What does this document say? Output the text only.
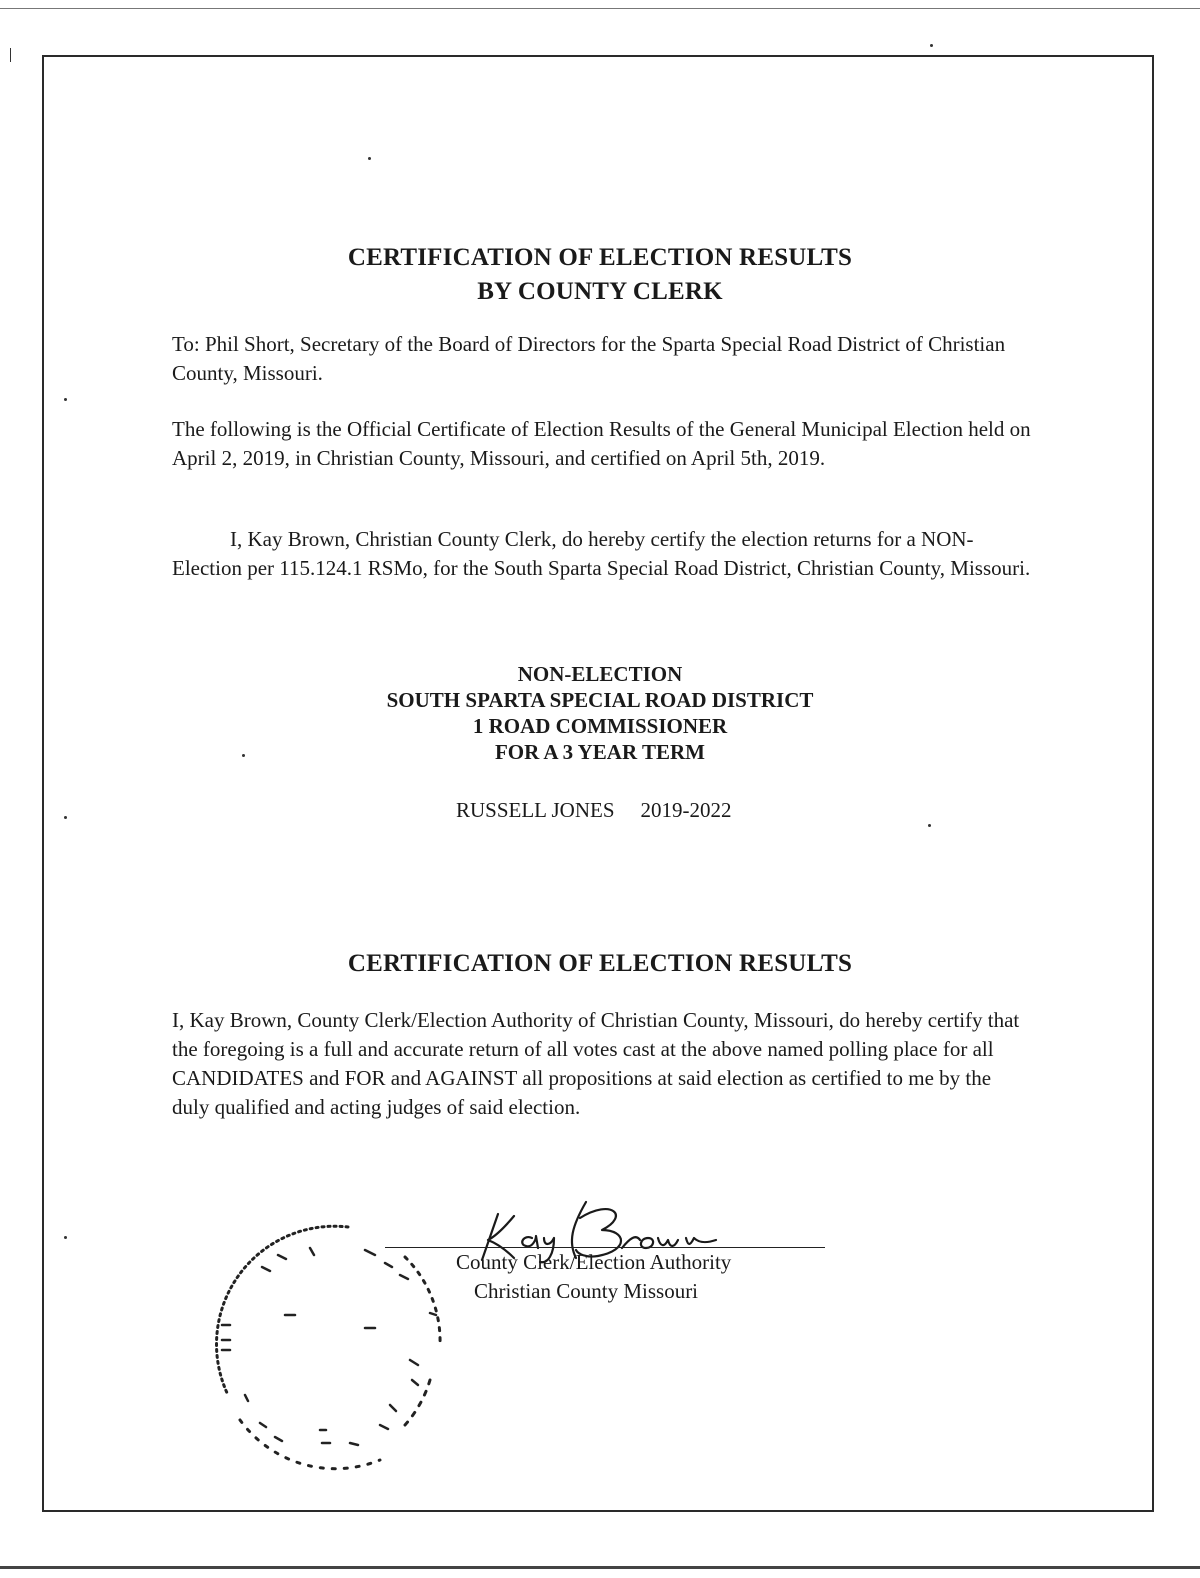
CERTIFICATION OF ELECTION RESULTS
BY COUNTY CLERK
To: Phil Short, Secretary of the Board of Directors for the Sparta Special Road District of Christian County, Missouri.
The following is the Official Certificate of Election Results of the General Municipal Election held on April 2, 2019, in Christian County, Missouri, and certified on April 5th, 2019.
I, Kay Brown, Christian County Clerk, do hereby certify the election returns for a NON-Election per 115.124.1 RSMo, for the South Sparta Special Road District, Christian County, Missouri.
NON-ELECTION
SOUTH SPARTA SPECIAL ROAD DISTRICT
1 ROAD COMMISSIONER
FOR A 3 YEAR TERM
RUSSELL JONES 2019-2022
CERTIFICATION OF ELECTION RESULTS
I, Kay Brown, County Clerk/Election Authority of Christian County, Missouri, do hereby certify that the foregoing is a full and accurate return of all votes cast at the above named polling place for all CANDIDATES and FOR and AGAINST all propositions at said election as certified to me by the duly qualified and acting judges of said election.
County Clerk/Election Authority
Christian County Missouri
